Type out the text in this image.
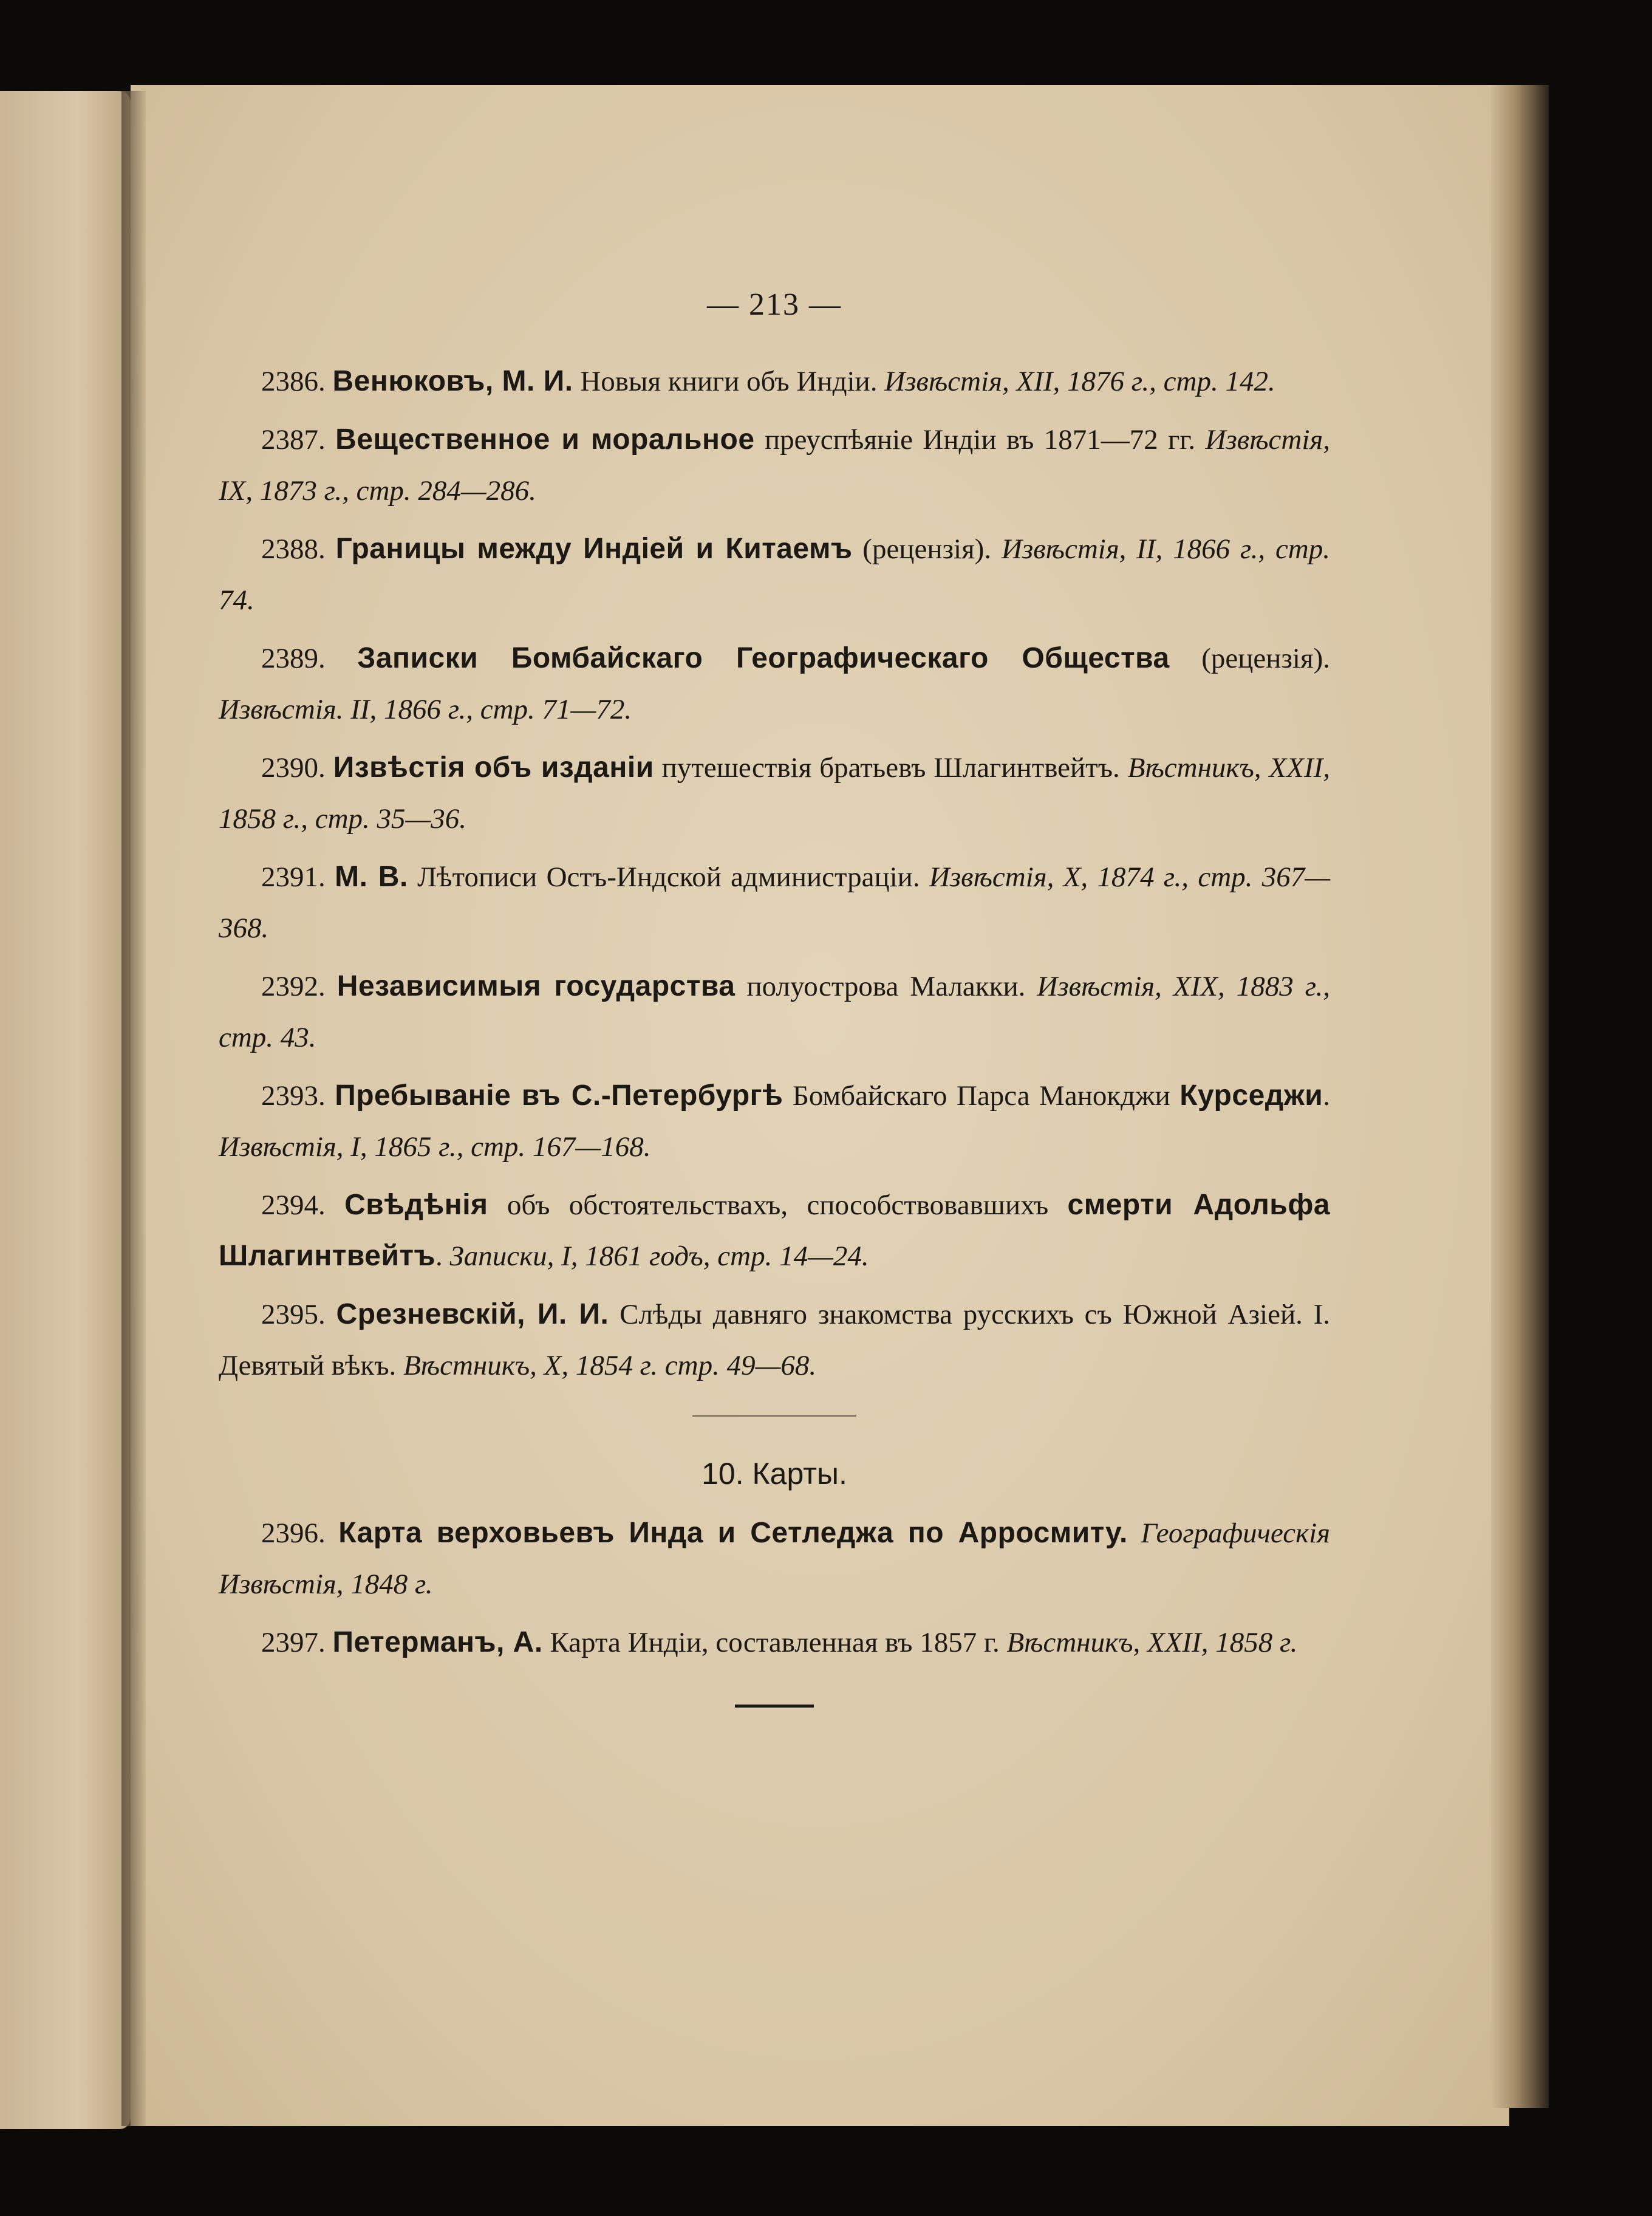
— 213 —
2386. Венюковъ, М. И. Новыя книги объ Индіи. Извѣстія, XII, 1876 г., стр. 142.
2387. Вещественное и моральное преуспѣяніе Индіи въ 1871—72 гг. Извѣстія, IX, 1873 г., стр. 284—286.
2388. Границы между Индіей и Китаемъ (рецензія). Извѣстія, II, 1866 г., стр. 74.
2389. Записки Бомбайскаго Географическаго Общества (рецензія). Извѣстія. II, 1866 г., стр. 71—72.
2390. Извѣстія объ изданіи путешествія братьевъ Шлагинтвейтъ. Вѣстникъ, XXII, 1858 г., стр. 35—36.
2391. М. В. Лѣтописи Остъ-Индской администраціи. Извѣстія, X, 1874 г., стр. 367—368.
2392. Независимыя государства полуострова Малакки. Извѣстія, XIX, 1883 г., стр. 43.
2393. Пребываніе въ С.-Петербургѣ Бомбайскаго Парса Манокджи Курседжи. Извѣстія, I, 1865 г., стр. 167—168.
2394. Свѣдѣнія объ обстоятельствахъ, способствовавшихъ смерти Адольфа Шлагинтвейтъ. Записки, I, 1861 годъ, стр. 14—24.
2395. Срезневскій, И. И. Слѣды давняго знакомства русскихъ съ Южной Азіей. I. Девятый вѣкъ. Вѣстникъ, X, 1854 г. стр. 49—68.
10. Карты.
2396. Карта верховьевъ Инда и Сетледжа по Арросмиту. Географическія Извѣстія, 1848 г.
2397. Петерманъ, А. Карта Индіи, составленная въ 1857 г. Вѣстникъ, XXII, 1858 г.
